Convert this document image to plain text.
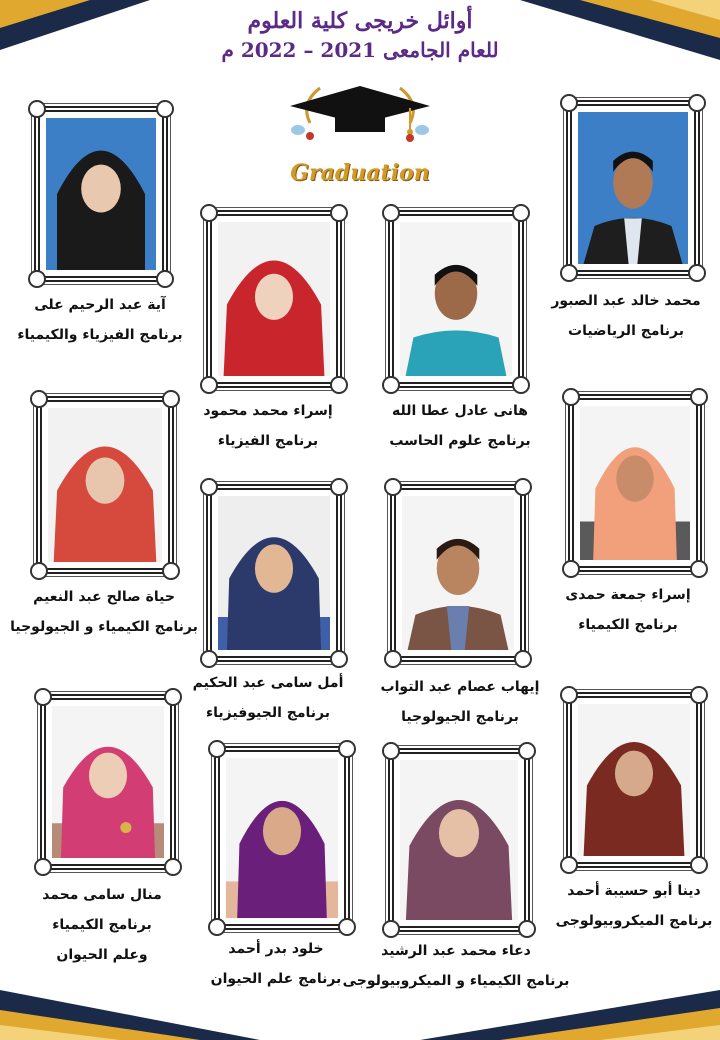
أوائل خريجى كلية العلوم
للعام الجامعى 2021 – 2022 م
Graduation
آية عبد الرحيم على
برنامج الفيزياء والكيمياء
محمد خالد عبد الصبور
برنامج الرياضيات
إسراء محمد محمود
برنامج الفيزياء
هانى عادل عطا الله
برنامج علوم الحاسب
حياة صالح عبد النعيم
برنامج الكيمياء و الجيولوجيا
إسراء جمعة حمدى
برنامج الكيمياء
أمل سامى عبد الحكيم
برنامج الجيوفيزياء
إيهاب عصام عبد التواب
برنامج الجيولوجيا
منال سامى محمد
برنامج الكيمياء
وعلم الحيوان
دينا أبو حسيبة أحمد
برنامج الميكروبيولوجى
خلود بدر أحمد
برنامج علم الحيوان
دعاء محمد عبد الرشيد
برنامج الكيمياء و الميكروبيولوجى
